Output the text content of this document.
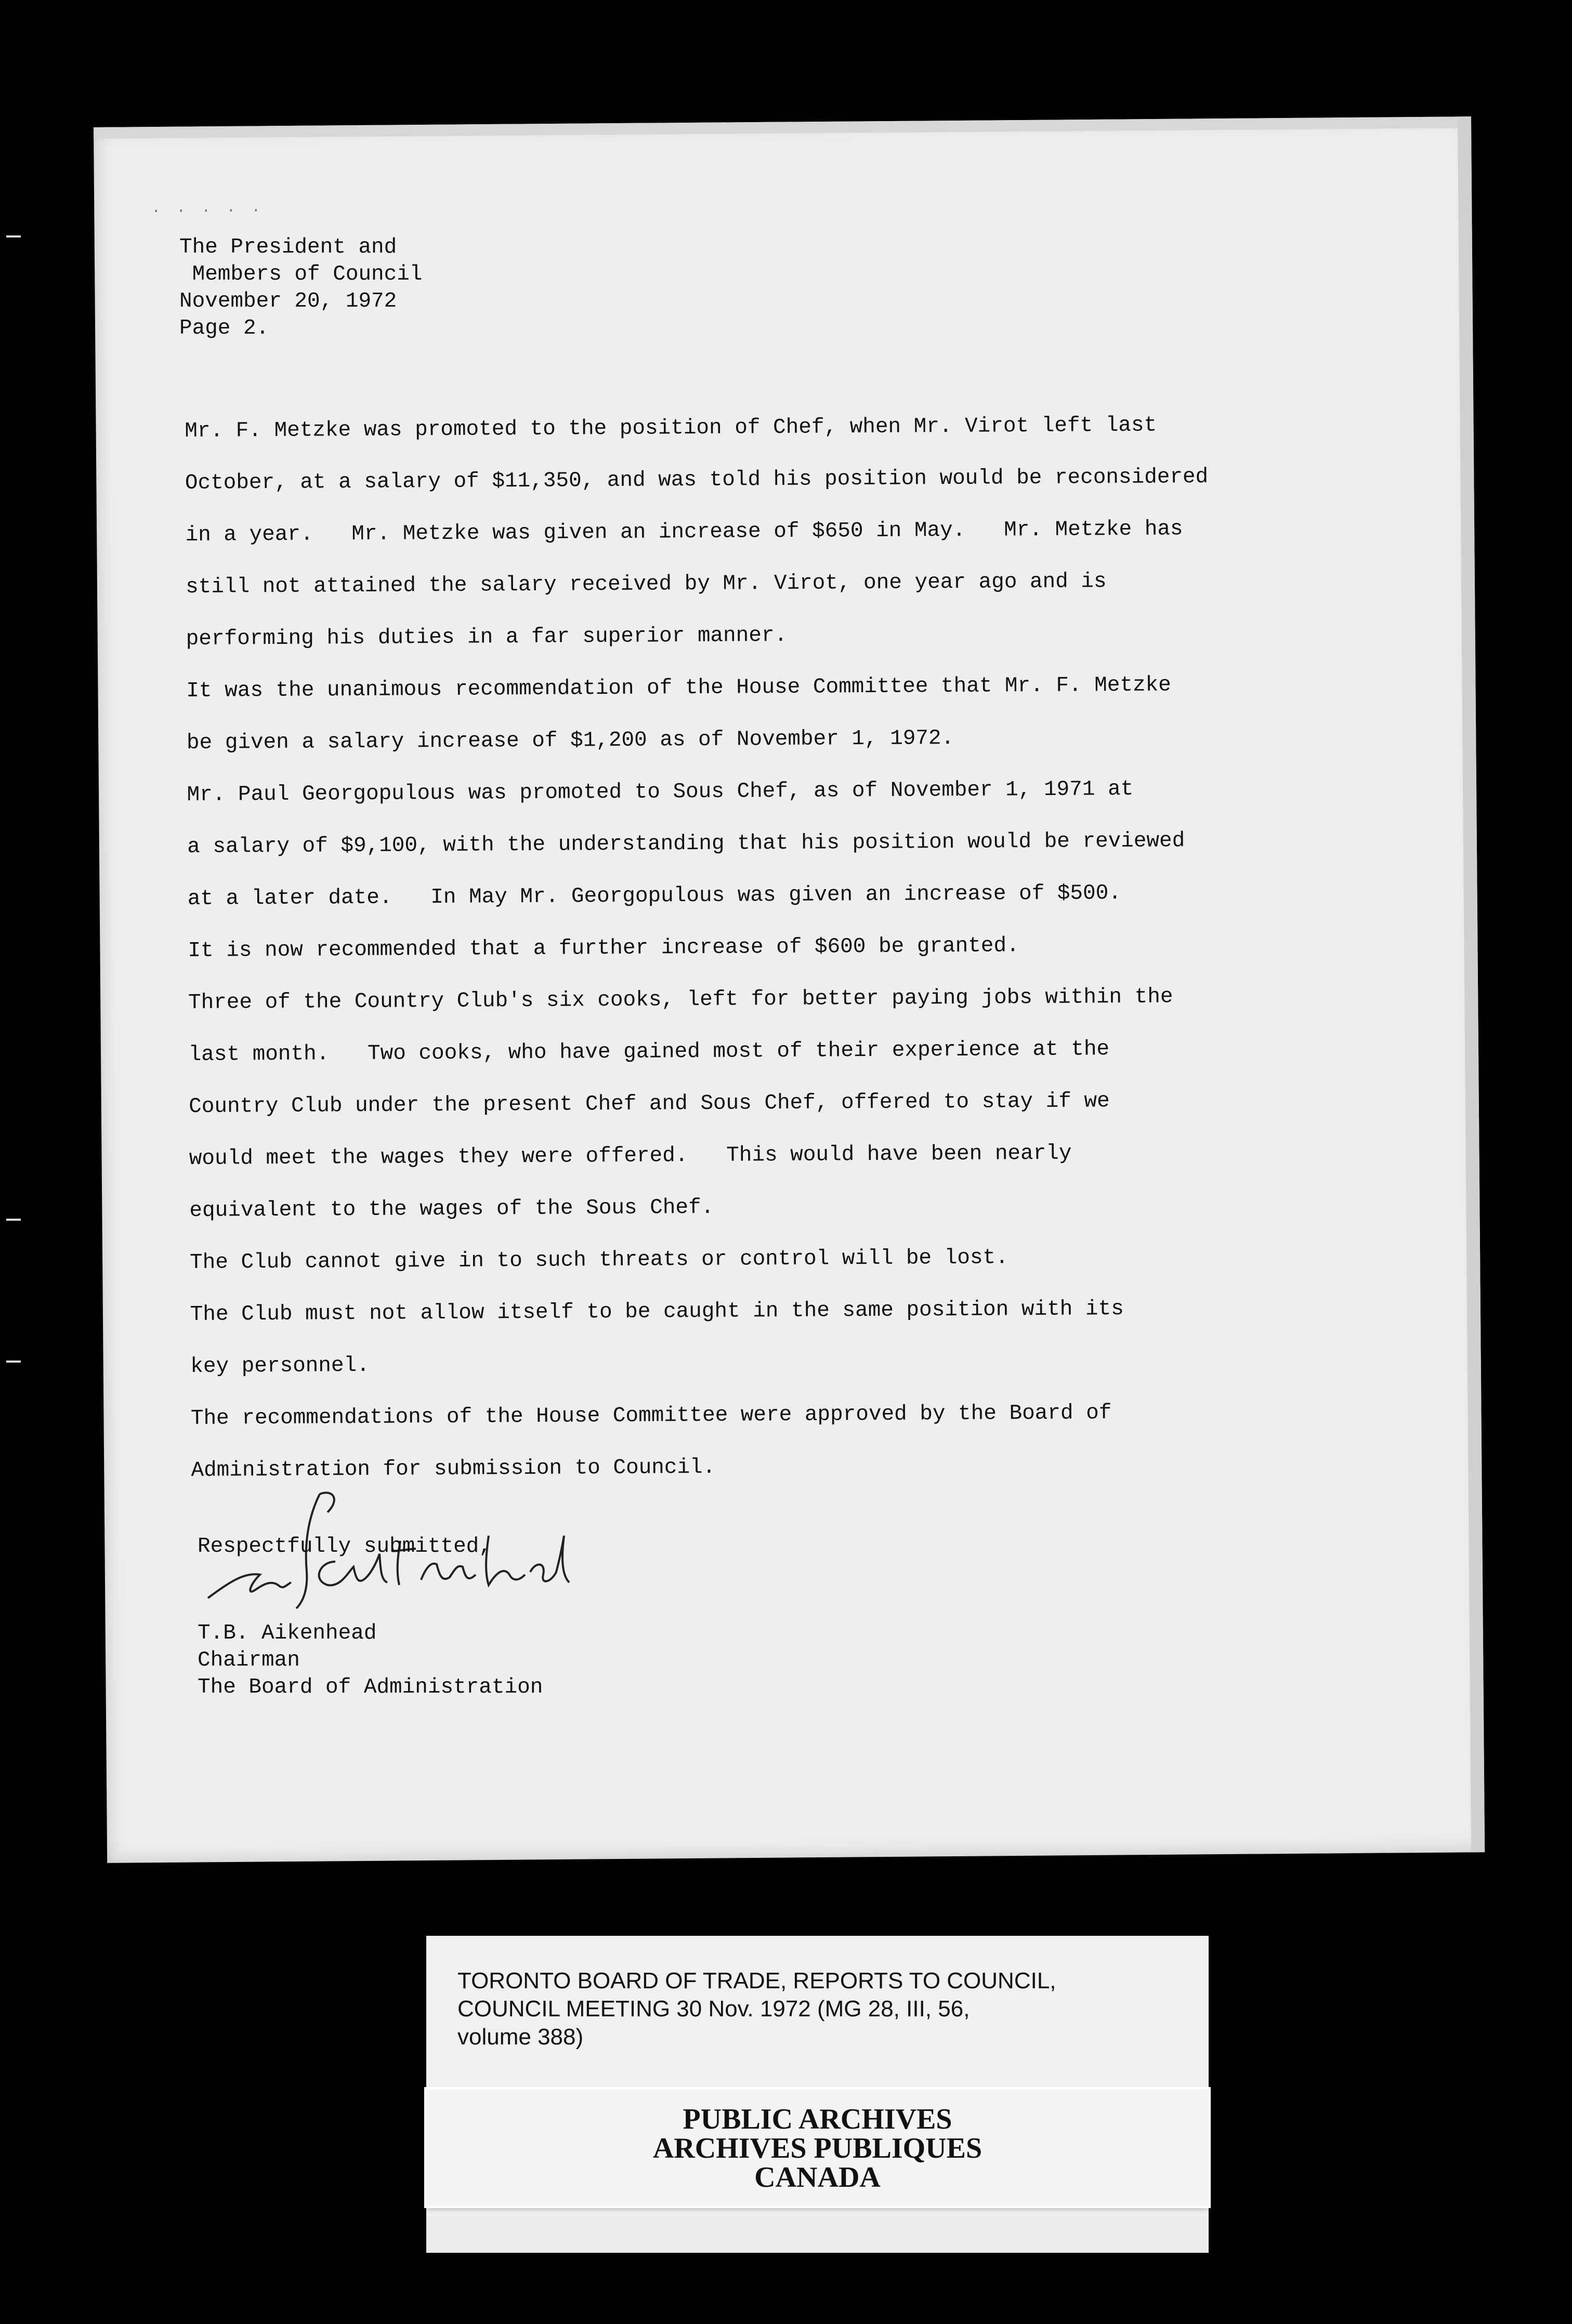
. . . . .
The President and
Members of Council
November 20, 1972
Page 2.
Mr. F. Metzke was promoted to the position of Chef, when Mr. Virot left last
October, at a salary of $11,350, and was told his position would be reconsidered
in a year.   Mr. Metzke was given an increase of $650 in May.   Mr. Metzke has
still not attained the salary received by Mr. Virot, one year ago and is
performing his duties in a far superior manner.
It was the unanimous recommendation of the House Committee that Mr. F. Metzke
be given a salary increase of $1,200 as of November 1, 1972.
Mr. Paul Georgopulous was promoted to Sous Chef, as of November 1, 1971 at
a salary of $9,100, with the understanding that his position would be reviewed
at a later date.   In May Mr. Georgopulous was given an increase of $500.
It is now recommended that a further increase of $600 be granted.
Three of the Country Club's six cooks, left for better paying jobs within the
last month.   Two cooks, who have gained most of their experience at the
Country Club under the present Chef and Sous Chef, offered to stay if we
would meet the wages they were offered.   This would have been nearly
equivalent to the wages of the Sous Chef.
The Club cannot give in to such threats or control will be lost.
The Club must not allow itself to be caught in the same position with its
key personnel.
The recommendations of the House Committee were approved by the Board of
Administration for submission to Council.
Respectfully submitted,
T.B. Aikenhead
Chairman
The Board of Administration
TORONTO BOARD OF TRADE, REPORTS TO COUNCIL,
COUNCIL MEETING 30 Nov. 1972 (MG 28, III, 56,
volume 388)
PUBLIC ARCHIVES
ARCHIVES PUBLIQUES
CANADA
